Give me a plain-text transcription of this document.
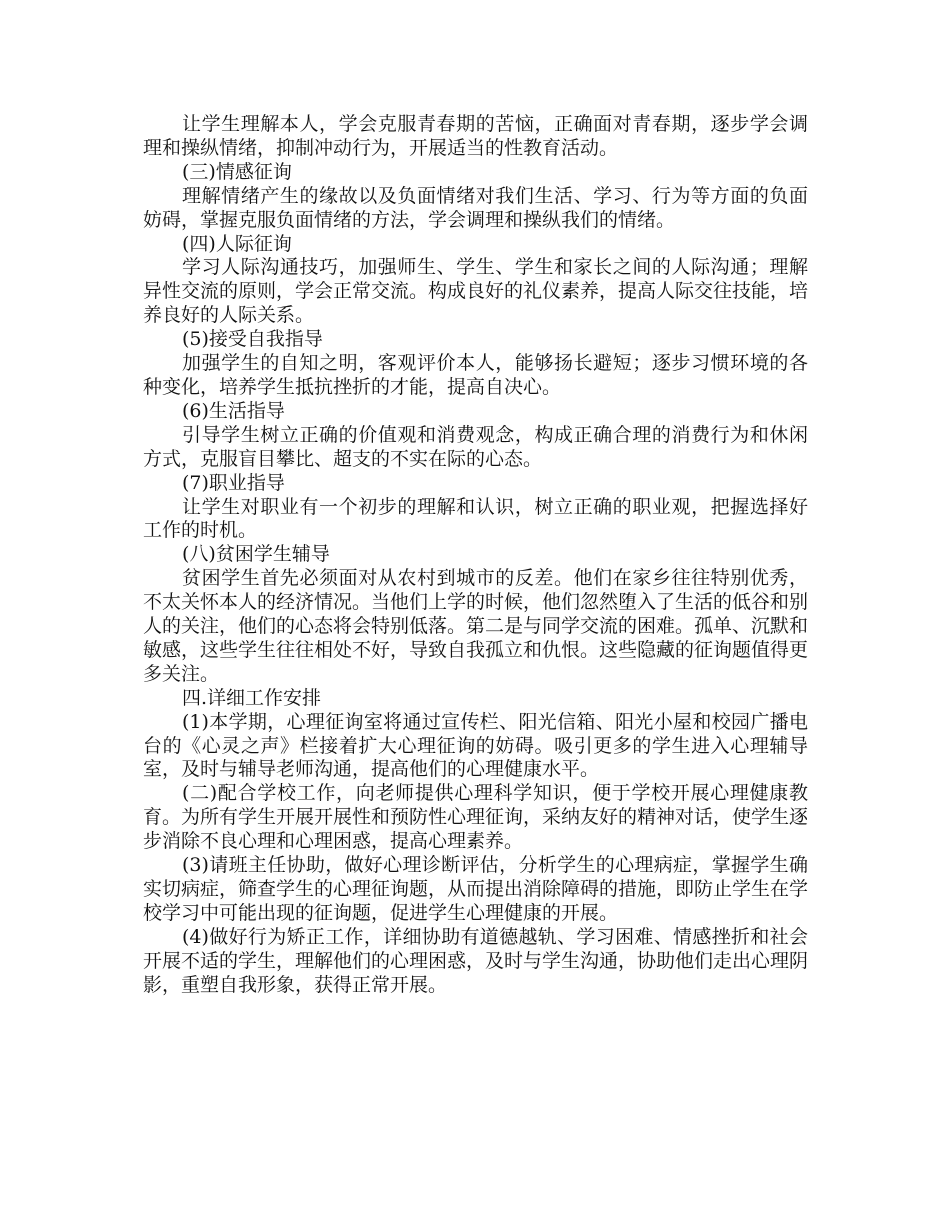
让学生理解本人，学会克服青春期的苦恼，正确面对青春期，逐步学会调理和操纵情绪，抑制冲动行为，开展适当的性教育活动。

(三)情感征询

理解情绪产生的缘故以及负面情绪对我们生活、学习、行为等方面的负面妨碍，掌握克服负面情绪的方法，学会调理和操纵我们的情绪。

(四)人际征询

学习人际沟通技巧，加强师生、学生、学生和家长之间的人际沟通；理解异性交流的原则，学会正常交流。构成良好的礼仪素养，提高人际交往技能，培养良好的人际关系。

(5)接受自我指导

加强学生的自知之明，客观评价本人，能够扬长避短；逐步习惯环境的各种变化，培养学生抵抗挫折的才能，提高自决心。

(6)生活指导

引导学生树立正确的价值观和消费观念，构成正确合理的消费行为和休闲方式，克服盲目攀比、超支的不实在际的心态。

(7)职业指导

让学生对职业有一个初步的理解和认识，树立正确的职业观，把握选择好工作的时机。

(八)贫困学生辅导

贫困学生首先必须面对从农村到城市的反差。他们在家乡往往特别优秀，不太关怀本人的经济情况。当他们上学的时候，他们忽然堕入了生活的低谷和别人的关注，他们的心态将会特别低落。第二是与同学交流的困难。孤单、沉默和敏感，这些学生往往相处不好，导致自我孤立和仇恨。这些隐藏的征询题值得更多关注。

四.详细工作安排

(1)本学期，心理征询室将通过宣传栏、阳光信箱、阳光小屋和校园广播电台的《心灵之声》栏接着扩大心理征询的妨碍。吸引更多的学生进入心理辅导室，及时与辅导老师沟通，提高他们的心理健康水平。

(二)配合学校工作，向老师提供心理科学知识，便于学校开展心理健康教育。为所有学生开展开展性和预防性心理征询，采纳友好的精神对话，使学生逐步消除不良心理和心理困惑，提高心理素养。

(3)请班主任协助，做好心理诊断评估，分析学生的心理病症，掌握学生确实切病症，筛查学生的心理征询题，从而提出消除障碍的措施，即防止学生在学校学习中可能出现的征询题，促进学生心理健康的开展。

(4)做好行为矫正工作，详细协助有道德越轨、学习困难、情感挫折和社会开展不适的学生，理解他们的心理困惑，及时与学生沟通，协助他们走出心理阴影，重塑自我形象，获得正常开展。
